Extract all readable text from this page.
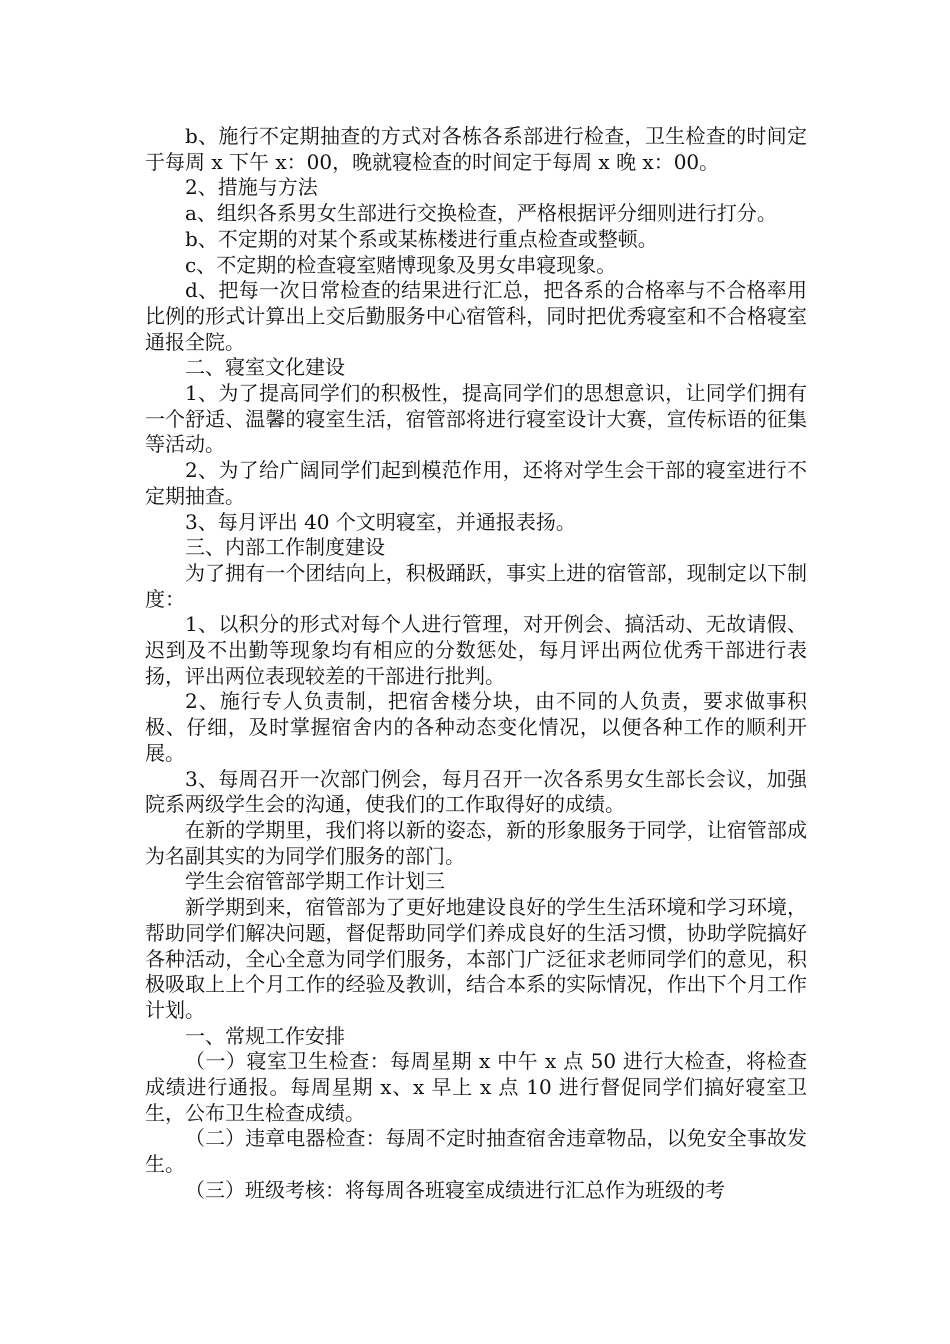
b、施行不定期抽查的方式对各栋各系部进行检查，卫生检查的时间定于每周 x 下午 x：00，晚就寝检查的时间定于每周 x 晚 x：00。

2、措施与方法

a、组织各系男女生部进行交换检查，严格根据评分细则进行打分。

b、不定期的对某个系或某栋楼进行重点检查或整顿。

c、不定期的检查寝室赌博现象及男女串寝现象。

d、把每一次日常检查的结果进行汇总，把各系的合格率与不合格率用比例的形式计算出上交后勤服务中心宿管科，同时把优秀寝室和不合格寝室通报全院。

二、寝室文化建设

1、为了提高同学们的积极性，提高同学们的思想意识，让同学们拥有一个舒适、温馨的寝室生活，宿管部将进行寝室设计大赛，宣传标语的征集等活动。

2、为了给广阔同学们起到模范作用，还将对学生会干部的寝室进行不定期抽查。

3、每月评出 40 个文明寝室，并通报表扬。

三、内部工作制度建设

为了拥有一个团结向上，积极踊跃，事实上进的宿管部，现制定以下制度：

1、以积分的形式对每个人进行管理，对开例会、搞活动、无故请假、迟到及不出勤等现象均有相应的分数惩处，每月评出两位优秀干部进行表扬，评出两位表现较差的干部进行批判。

2、施行专人负责制，把宿舍楼分块，由不同的人负责，要求做事积极、仔细，及时掌握宿舍内的各种动态变化情况，以便各种工作的顺利开展。

3、每周召开一次部门例会，每月召开一次各系男女生部长会议，加强院系两级学生会的沟通，使我们的工作取得好的成绩。

在新的学期里，我们将以新的姿态，新的形象服务于同学，让宿管部成为名副其实的为同学们服务的部门。

学生会宿管部学期工作计划三

新学期到来，宿管部为了更好地建设良好的学生生活环境和学习环境，帮助同学们解决问题，督促帮助同学们养成良好的生活习惯，协助学院搞好各种活动，全心全意为同学们服务，本部门广泛征求老师同学们的意见，积极吸取上上个月工作的经验及教训，结合本系的实际情况，作出下个月工作计划。

一、常规工作安排

（一）寝室卫生检查：每周星期 x 中午 x 点 50 进行大检查，将检查成绩进行通报。每周星期 x、x 早上 x 点 10 进行督促同学们搞好寝室卫生，公布卫生检查成绩。

（二）违章电器检查：每周不定时抽查宿舍违章物品，以免安全事故发生。

（三）班级考核：将每周各班寝室成绩进行汇总作为班级的考
